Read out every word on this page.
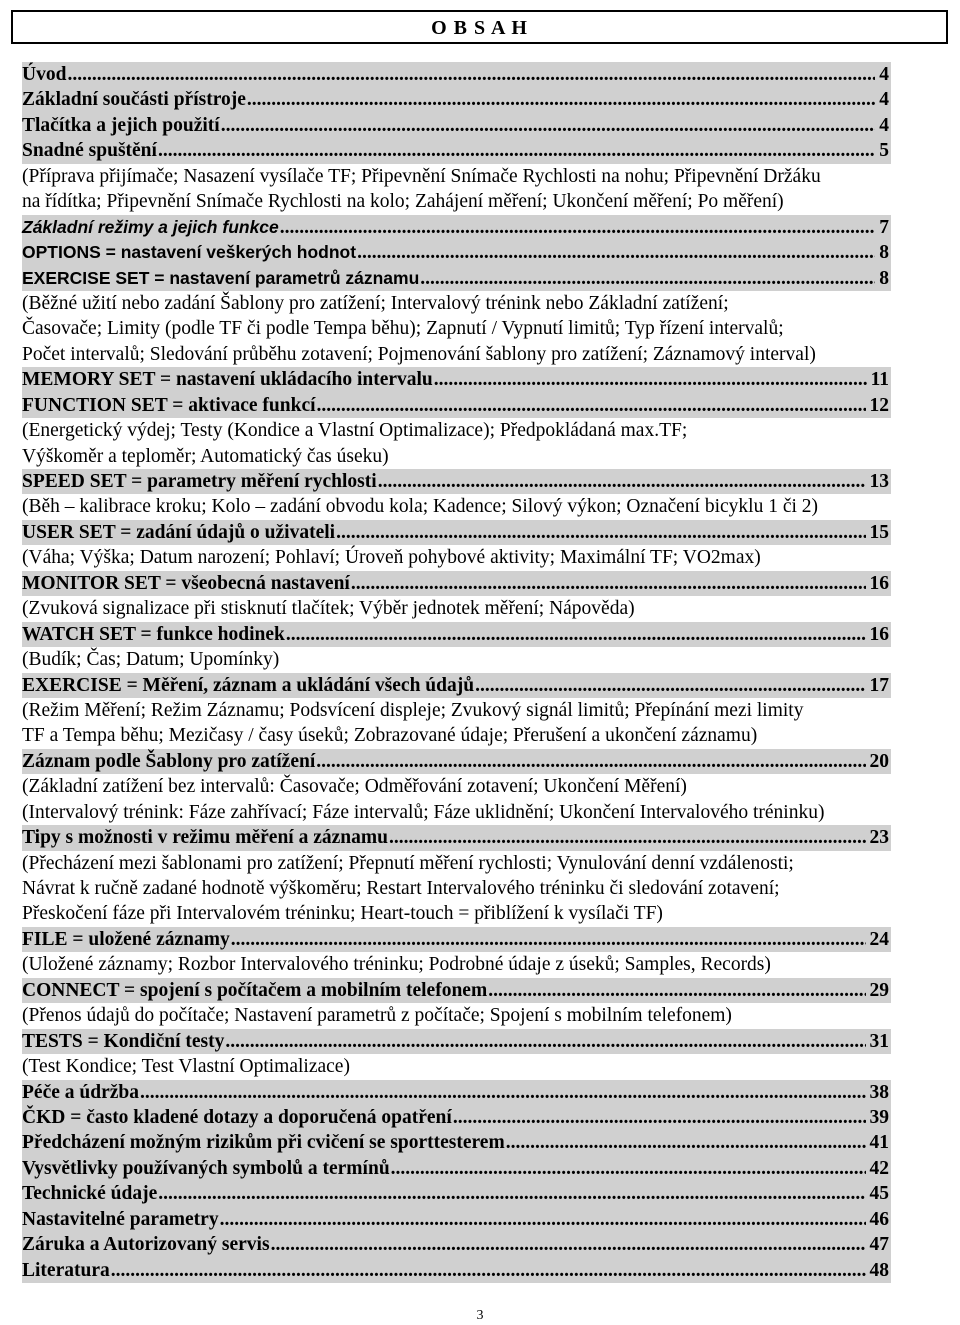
O B S A H
Úvod .....	4
Základní součásti přístroje .....	4
Tlačítka a jejich použití .....	4
Snadné spuštění .....	5
(Příprava přijímače; Nasazení vysílače TF; Připevnění Snímače Rychlosti na nohu; Připevnění Držáku
na řídítka; Připevnění Snímače Rychlosti na kolo; Zahájení měření; Ukončení měření; Po měření)
Základní režimy a jejich funkce .....	7
OPTIONS = nastavení veškerých hodnot .....	8
EXERCISE SET = nastavení parametrů záznamu .....	8
(Běžné užití nebo zadání Šablony pro zatížení; Intervalový trénink nebo Základní zatížení;
Časovače; Limity (podle TF či podle Tempa běhu); Zapnutí / Vypnutí limitů; Typ řízení intervalů;
Počet intervalů; Sledování průběhu zotavení; Pojmenování šablony pro zatížení; Záznamový interval)
MEMORY SET = nastavení ukládacího intervalu .....	11
FUNCTION SET = aktivace funkcí .....	12
(Energetický výdej; Testy (Kondice a Vlastní Optimalizace); Předpokládaná max.TF;
Výškoměr a teploměr; Automatický čas úseku)
SPEED SET = parametry měření rychlosti .....	13
(Běh – kalibrace kroku; Kolo – zadání obvodu kola; Kadence; Silový výkon; Označení bicyklu 1 či 2)
USER SET = zadání údajů o uživateli .....	15
(Váha; Výška; Datum narození; Pohlaví; Úroveň pohybové aktivity; Maximální TF; VO2max)
MONITOR SET = všeobecná nastavení .....	16
(Zvuková signalizace při stisknutí tlačítek; Výběr jednotek měření; Nápověda)
WATCH SET = funkce hodinek .....	16
(Budík; Čas; Datum; Upomínky)
EXERCISE = Měření, záznam a ukládání všech údajů .....	17
(Režim Měření; Režim Záznamu; Podsvícení displeje; Zvukový signál limitů; Přepínání mezi limity
TF a Tempa běhu; Mezičasy / časy úseků; Zobrazované údaje; Přerušení a ukončení záznamu)
Záznam podle Šablony pro zatížení .....	20
(Základní zatížení bez intervalů: Časovače; Odměřování zotavení; Ukončení Měření)
(Intervalový trénink: Fáze zahřívací; Fáze intervalů; Fáze uklidnění; Ukončení Intervalového tréninku)
Tipy s možnosti v režimu měření a záznamu .....	23
(Přecházení mezi šablonami pro zatížení; Přepnutí měření rychlosti; Vynulování denní vzdálenosti;
Návrat k ručně zadané hodnotě výškoměru; Restart Intervalového tréninku či sledování zotavení;
Přeskočení fáze při Intervalovém tréninku; Heart-touch = přiblížení k vysílači TF)
FILE = uložené záznamy .....	24
(Uložené záznamy; Rozbor Intervalového tréninku; Podrobné údaje z úseků; Samples, Records)
CONNECT = spojení s počítačem a mobilním telefonem .....	29
(Přenos údajů do počítače; Nastavení parametrů z počítače; Spojení s mobilním telefonem)
TESTS = Kondiční testy .....	31
(Test Kondice; Test Vlastní Optimalizace)
Péče a údržba .....	38
ČKD = často kladené dotazy a doporučená opatření .....	39
Předcházení možným rizikům při cvičení se sporttesterem .....	41
Vysvětlivky používaných symbolů a termínů .....	42
Technické údaje .....	45
Nastavitelné parametry .....	46
Záruka a Autorizovaný servis .....	47
Literatura .....	48
3
